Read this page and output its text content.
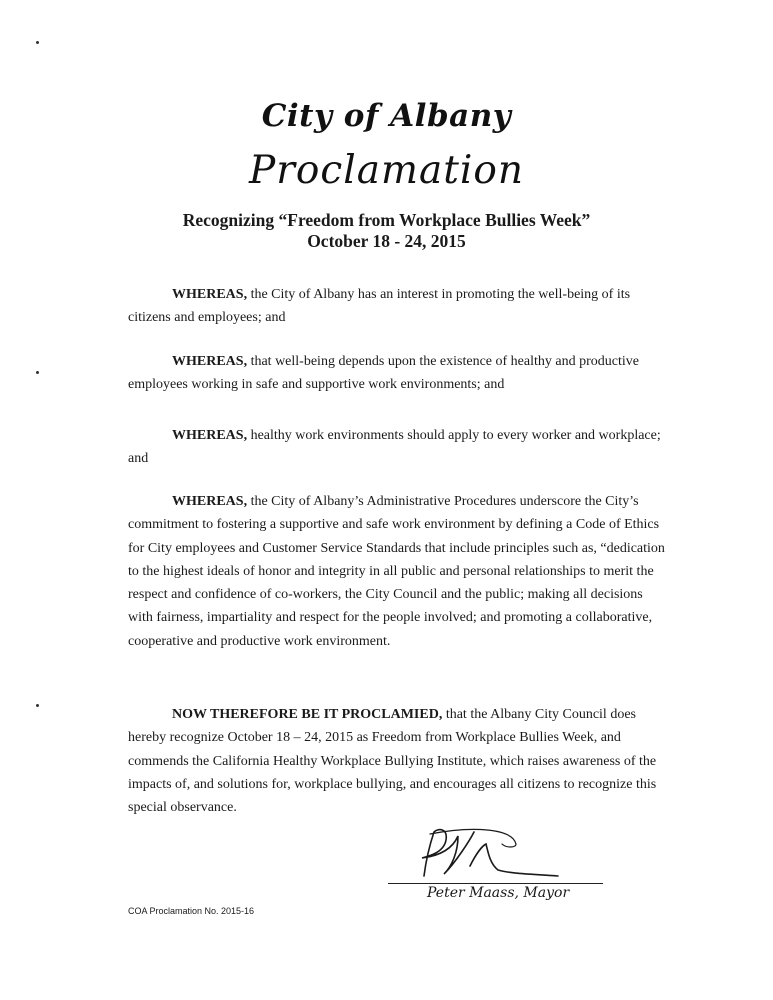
City of Albany
Proclamation
Recognizing “Freedom from Workplace Bullies Week”
October 18 - 24, 2015

WHEREAS, the City of Albany has an interest in promoting the well-being of its citizens and employees; and

WHEREAS, that well-being depends upon the existence of healthy and productive employees working in safe and supportive work environments; and

WHEREAS, healthy work environments should apply to every worker and workplace; and

WHEREAS, the City of Albany’s Administrative Procedures underscore the City’s commitment to fostering a supportive and safe work environment by defining a Code of Ethics for City employees and Customer Service Standards that include principles such as, “dedication to the highest ideals of honor and integrity in all public and personal relationships to merit the respect and confidence of co-workers, the City Council and the public; making all decisions with fairness, impartiality and respect for the people involved; and promoting a collaborative, cooperative and productive work environment.

NOW THEREFORE BE IT PROCLAMIED, that the Albany City Council does hereby recognize October 18 – 24, 2015 as Freedom from Workplace Bullies Week, and commends the California Healthy Workplace Bullying Institute, which raises awareness of the impacts of, and solutions for, workplace bullying, and encourages all citizens to recognize this special observance.

Peter Maass, Mayor
COA Proclamation No. 2015-16
